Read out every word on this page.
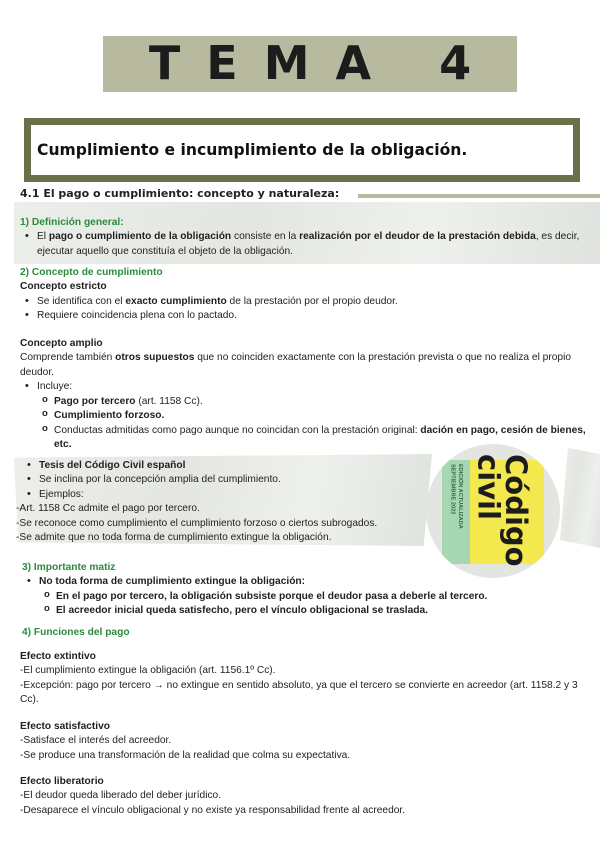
TEMA 4
Cumplimiento e incumplimiento de la obligación.
4.1 El pago o cumplimiento: concepto y naturaleza:
1) Definición general:
• El pago o cumplimiento de la obligación consiste en la realización por el deudor de la prestación debida, es decir, ejecutar aquello que constituía el objeto de la obligación.
2) Concepto de cumplimiento
Concepto estricto
• Se identifica con el exacto cumplimiento de la prestación por el propio deudor.
• Requiere coincidencia plena con lo pactado.
Concepto amplio
Comprende también otros supuestos que no coinciden exactamente con la prestación prevista o que no realiza el propio deudor.
• Incluye:
o Pago por tercero (art. 1158 Cc).
o Cumplimiento forzoso.
o Conductas admitidas como pago aunque no coincidan con la prestación original: dación en pago, cesión de bienes, etc.
• Tesis del Código Civil español
• Se inclina por la concepción amplia del cumplimiento.
• Ejemplos:
-Art. 1158 Cc admite el pago por tercero.
-Se reconoce como cumplimiento el cumplimiento forzoso o ciertos subrogados.
-Se admite que no toda forma de cumplimiento extingue la obligación.
EDICIÓN ACTUALIZADA
SEPTIEMBRE 2022 Código
civil
3) Importante matiz
• No toda forma de cumplimiento extingue la obligación:
o En el pago por tercero, la obligación subsiste porque el deudor pasa a deberle al tercero.
o El acreedor inicial queda satisfecho, pero el vínculo obligacional se traslada.
4) Funciones del pago
Efecto extintivo
-El cumplimiento extingue la obligación (art. 1156.1º Cc).
-Excepción: pago por tercero → no extingue en sentido absoluto, ya que el tercero se convierte en acreedor (art. 1158.2 y 3 Cc).
Efecto satisfactivo
-Satisface el interés del acreedor.
-Se produce una transformación de la realidad que colma su expectativa.
Efecto liberatorio
-El deudor queda liberado del deber jurídico.
-Desaparece el vínculo obligacional y no existe ya responsabilidad frente al acreedor.
